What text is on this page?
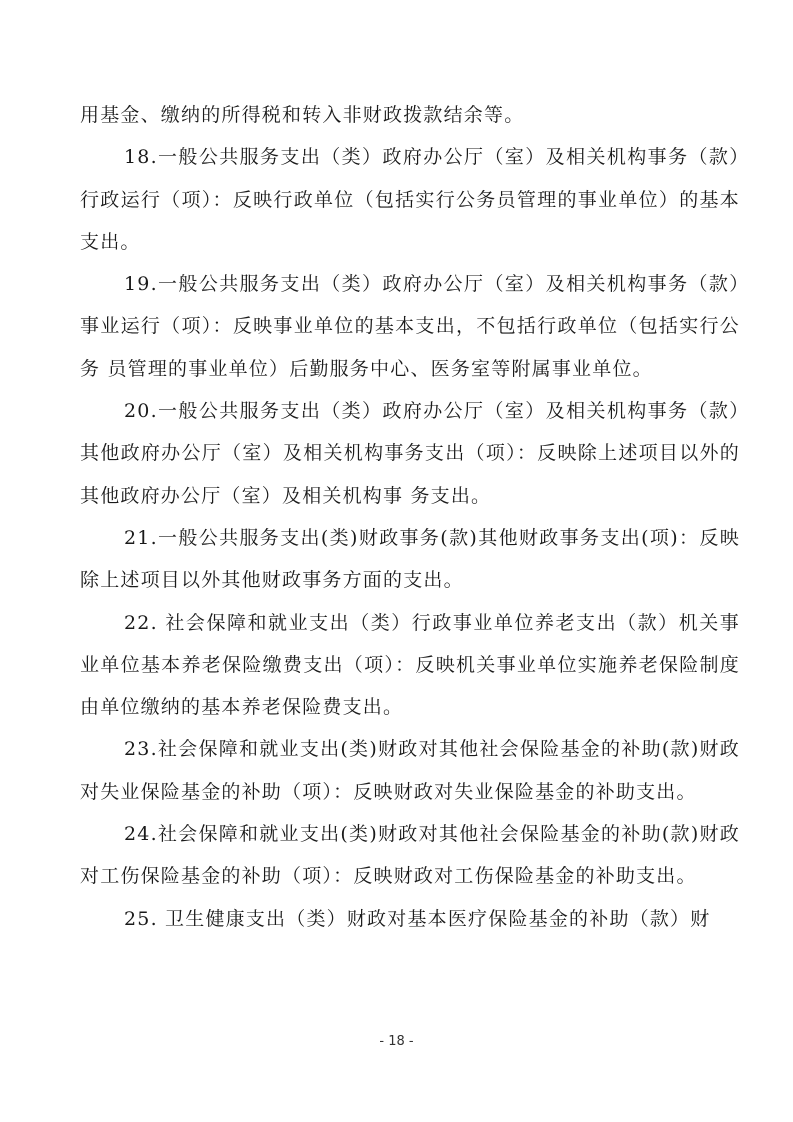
用基金、缴纳的所得税和转入非财政拨款结余等。

18.一般公共服务支出（类）政府办公厅（室）及相关机构事务（款）行政运行（项）：反映行政单位（包括实行公务员管理的事业单位）的基本 支出。

19.一般公共服务支出（类）政府办公厅（室）及相关机构事务（款）事业运行（项）：反映事业单位的基本支出，不包括行政单位（包括实行公务 员管理的事业单位）后勤服务中心、医务室等附属事业单位。

20.一般公共服务支出（类）政府办公厅（室）及相关机构事务（款）其他政府办公厅（室）及相关机构事务支出（项）：反映除上述项目以外的其他政府办公厅（室）及相关机构事 务支出。

21.一般公共服务支出(类)财政事务(款)其他财政事务支出(项)：反映除上述项目以外其他财政事务方面的支出。

22. 社会保障和就业支出（类）行政事业单位养老支出（款）机关事业单位基本养老保险缴费支出（项）：反映机关事业单位实施养老保险制度由单位缴纳的基本养老保险费支出。

23.社会保障和就业支出(类)财政对其他社会保险基金的补助(款)财政对失业保险基金的补助（项）：反映财政对失业保险基金的补助支出。

24.社会保障和就业支出(类)财政对其他社会保险基金的补助(款)财政对工伤保险基金的补助（项）：反映财政对工伤保险基金的补助支出。

25. 卫生健康支出（类）财政对基本医疗保险基金的补助（款）财

- 18 -
